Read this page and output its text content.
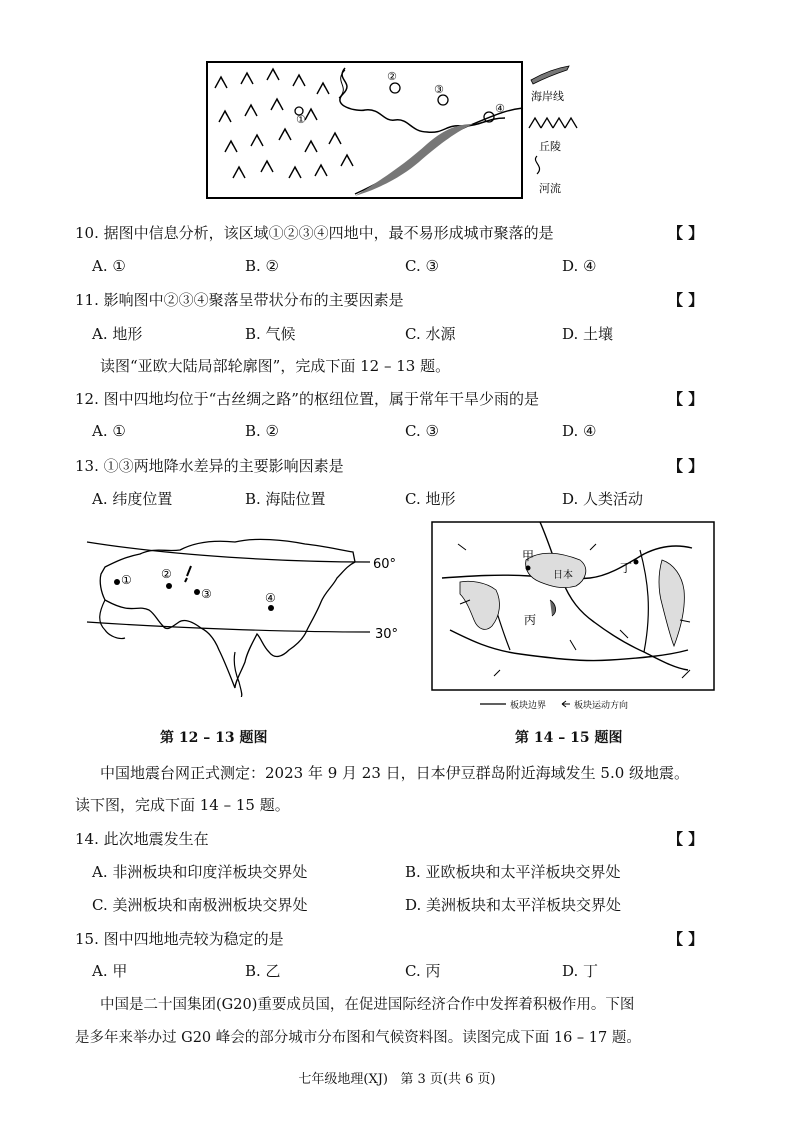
①
②
③
④
海岸线
丘陵
河流
10. 据图中信息分析，该区域①②③④四地中，最不易形成城市聚落的是	【 】
A. ①	B. ②	C. ③	D. ④
11. 影响图中②③④聚落呈带状分布的主要因素是	【 】
A. 地形	B. 气候	C. 水源	D. 土壤
读图“亚欧大陆局部轮廓图”，完成下面 12 – 13 题。
12. 图中四地均位于“古丝绸之路”的枢纽位置，属于常年干旱少雨的是	【 】
A. ①	B. ②	C. ③	D. ④
13. ①③两地降水差异的主要影响因素是	【 】
A. 纬度位置	B. 海陆位置	C. 地形	D. 人类活动
60°
30°
① ②
③	④
甲
日本
丙
丁
板块边界	板块运动方向
第 12 – 13 题图	第 14 – 15 题图
中国地震台网正式测定：2023 年 9 月 23 日，日本伊豆群岛附近海域发生 5.0 级地震。
读下图，完成下面 14 – 15 题。
14. 此次地震发生在	【 】
A. 非洲板块和印度洋板块交界处	B. 亚欧板块和太平洋板块交界处
C. 美洲板块和南极洲板块交界处	D. 美洲板块和太平洋板块交界处
15. 图中四地地壳较为稳定的是	【 】
A. 甲	B. 乙	C. 丙	D. 丁
中国是二十国集团(G20)重要成员国，在促进国际经济合作中发挥着积极作用。下图
是多年来举办过 G20 峰会的部分城市分布图和气候资料图。读图完成下面 16 – 17 题。
七年级地理(XJ)   第 3 页(共 6 页)
